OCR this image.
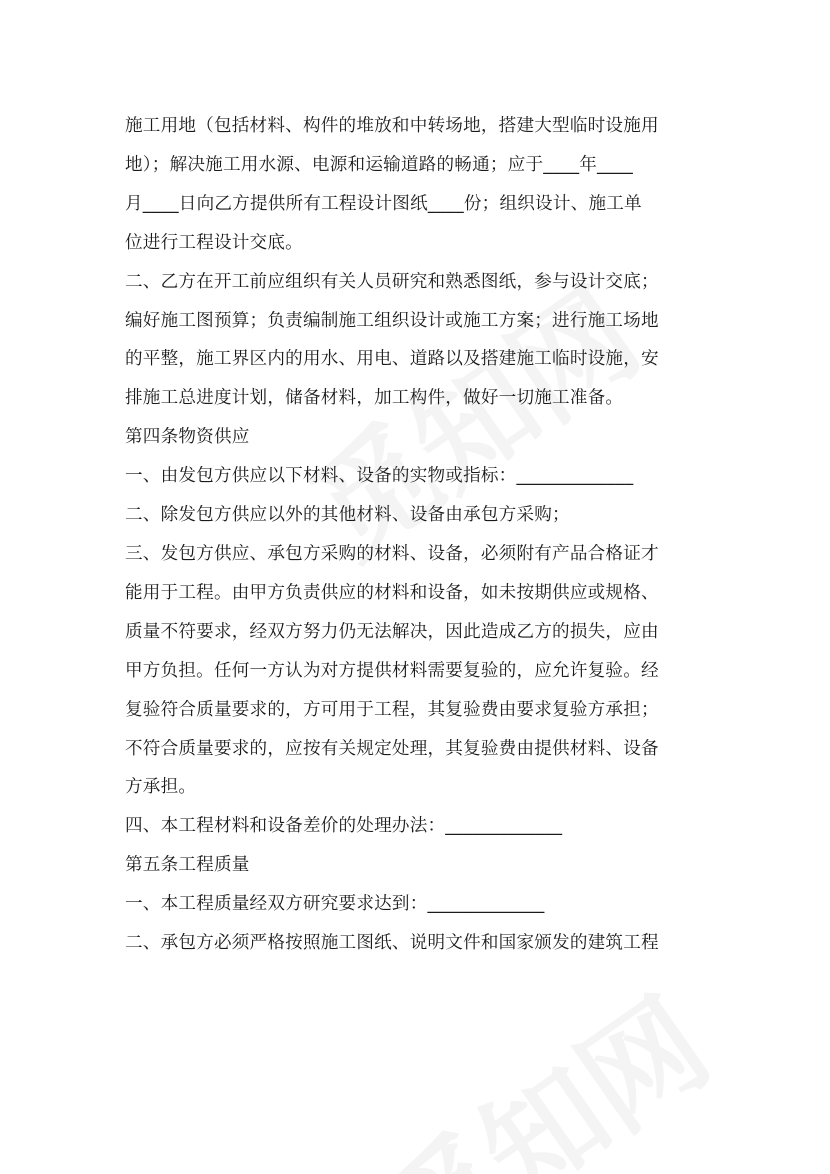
施工用地（包括材料、构件的堆放和中转场地，搭建大型临时设施用
地）；解决施工用水源、电源和运输道路的畅通；应于____年____
月____日向乙方提供所有工程设计图纸____份；组织设计、施工单
位进行工程设计交底。

二、乙方在开工前应组织有关人员研究和熟悉图纸，参与设计交底；
编好施工图预算；负责编制施工组织设计或施工方案；进行施工场地
的平整，施工界区内的用水、用电、道路以及搭建施工临时设施，安
排施工总进度计划，储备材料，加工构件，做好一切施工准备。

第四条物资供应

一、由发包方供应以下材料、设备的实物或指标：_____________

二、除发包方供应以外的其他材料、设备由承包方采购；

三、发包方供应、承包方采购的材料、设备，必须附有产品合格证才
能用于工程。由甲方负责供应的材料和设备，如未按期供应或规格、
质量不符要求，经双方努力仍无法解决，因此造成乙方的损失，应由
甲方负担。任何一方认为对方提供材料需要复验的，应允许复验。经
复验符合质量要求的，方可用于工程，其复验费由要求复验方承担；
不符合质量要求的，应按有关规定处理，其复验费由提供材料、设备
方承担。

四、本工程材料和设备差价的处理办法：_____________

第五条工程质量

一、本工程质量经双方研究要求达到：_____________

二、承包方必须严格按照施工图纸、说明文件和国家颁发的建筑工程
